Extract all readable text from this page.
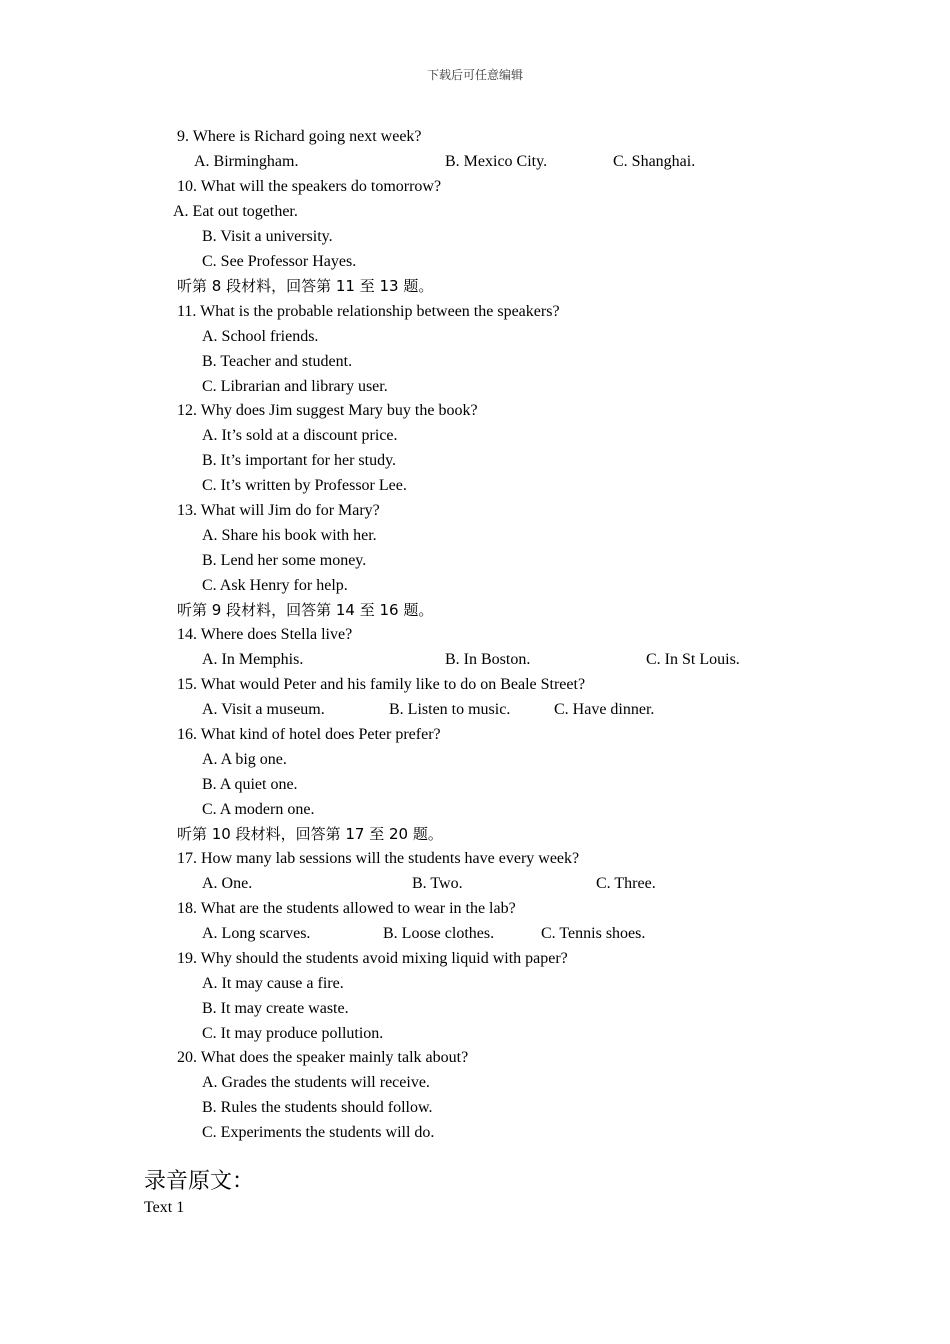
下载后可任意编辑
9. Where is Richard going next week?
A. Birmingham.	B. Mexico City.	C. Shanghai.
10. What will the speakers do tomorrow?
A. Eat out together.
B. Visit a university.
C. See Professor Hayes.
听第 8 段材料，回答第 11 至 13 题。
11. What is the probable relationship between the speakers?
A. School friends.
B. Teacher and student.
C. Librarian and library user.
12. Why does Jim suggest Mary buy the book?
A. It’s sold at a discount price.
B. It’s important for her study.
C. It’s written by Professor Lee.
13. What will Jim do for Mary?
A. Share his book with her.
B. Lend her some money.
C. Ask Henry for help.
听第 9 段材料，回答第 14 至 16 题。
14. Where does Stella live?
A. In Memphis.	B. In Boston.	C. In St Louis.
15. What would Peter and his family like to do on Beale Street?
A. Visit a museum.	B. Listen to music.	C. Have dinner.
16. What kind of hotel does Peter prefer?
A. A big one.
B. A quiet one.
C. A modern one.
听第 10 段材料，回答第 17 至 20 题。
17. How many lab sessions will the students have every week?
A. One.	B. Two.	C. Three.
18. What are the students allowed to wear in the lab?
A. Long scarves.	B. Loose clothes.	C. Tennis shoes.
19. Why should the students avoid mixing liquid with paper?
A. It may cause a fire.
B. It may create waste.
C. It may produce pollution.
20. What does the speaker mainly talk about?
A. Grades the students will receive.
B. Rules the students should follow.
C. Experiments the students will do.
录音原文：
Text 1
